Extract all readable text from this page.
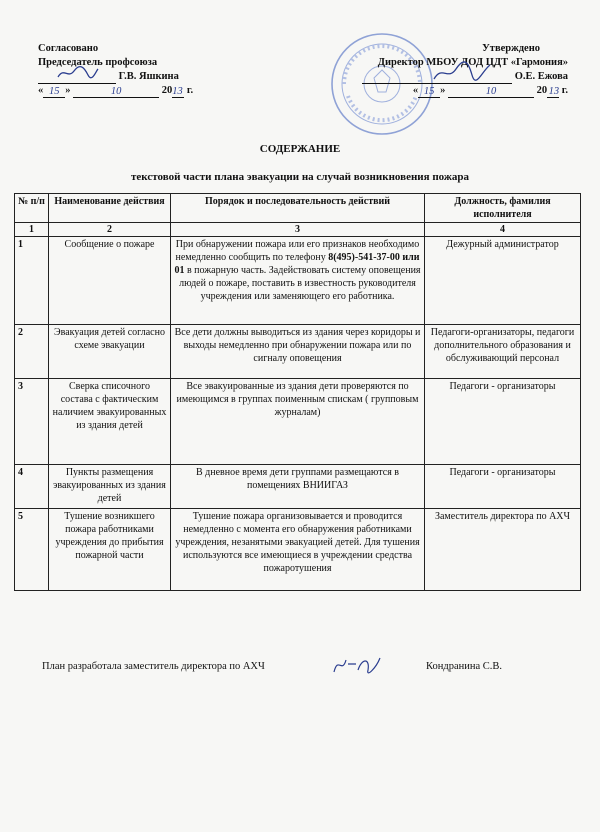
Согласовано
Председатель профсоюза
Г.В. Яшкина
« 15 »	10	2013 г.
Утверждено
Директор МБОУ ДОД ЦДТ «Гармония»
О.Е. Ежова
« 15 »	10	20 13 г.
СОДЕРЖАНИЕ
текстовой части плана эвакуации на случай возникновения пожара
№ п/п	Наименование действия	Порядок и последовательность действий	Должность, фамилия исполнителя
1	2	3	4
1	Сообщение о пожаре	При обнаружении пожара или его признаков необходимо немедленно сообщить по телефону 8(495)-541-37-00 или 01 в пожарную часть. Задействовать систему оповещения людей о пожаре, поставить в известность руководителя учреждения или заменяющего его работника.	Дежурный администратор
2	Эвакуация детей согласно схеме эвакуации	Все дети должны выводиться из здания через коридоры и выходы немедленно при обнаружении пожара или по сигналу оповещения	Педагоги-организаторы, педагоги дополнительного образования и обслуживающий персонал
3	Сверка списочного состава с фактическим наличием эвакуированных из здания детей	Все эвакуированные из здания дети проверяются по имеющимся в группах поименным спискам ( групповым журналам)	Педагоги - организаторы
4	Пункты размещения эвакуированных из здания детей	В дневное время дети группами размещаются в помещениях ВНИИГАЗ	Педагоги - организаторы
5	Тушение возникшего пожара работниками учреждения до прибытия пожарной части	Тушение пожара организовывается и проводится немедленно с момента его обнаружения работниками учреждения, незанятыми эвакуацией детей. Для тушения используются все имеющиеся в учреждении средства пожаротушения	Заместитель директора по АХЧ
План разработала заместитель директора по АХЧ	Кондранина С.В.
